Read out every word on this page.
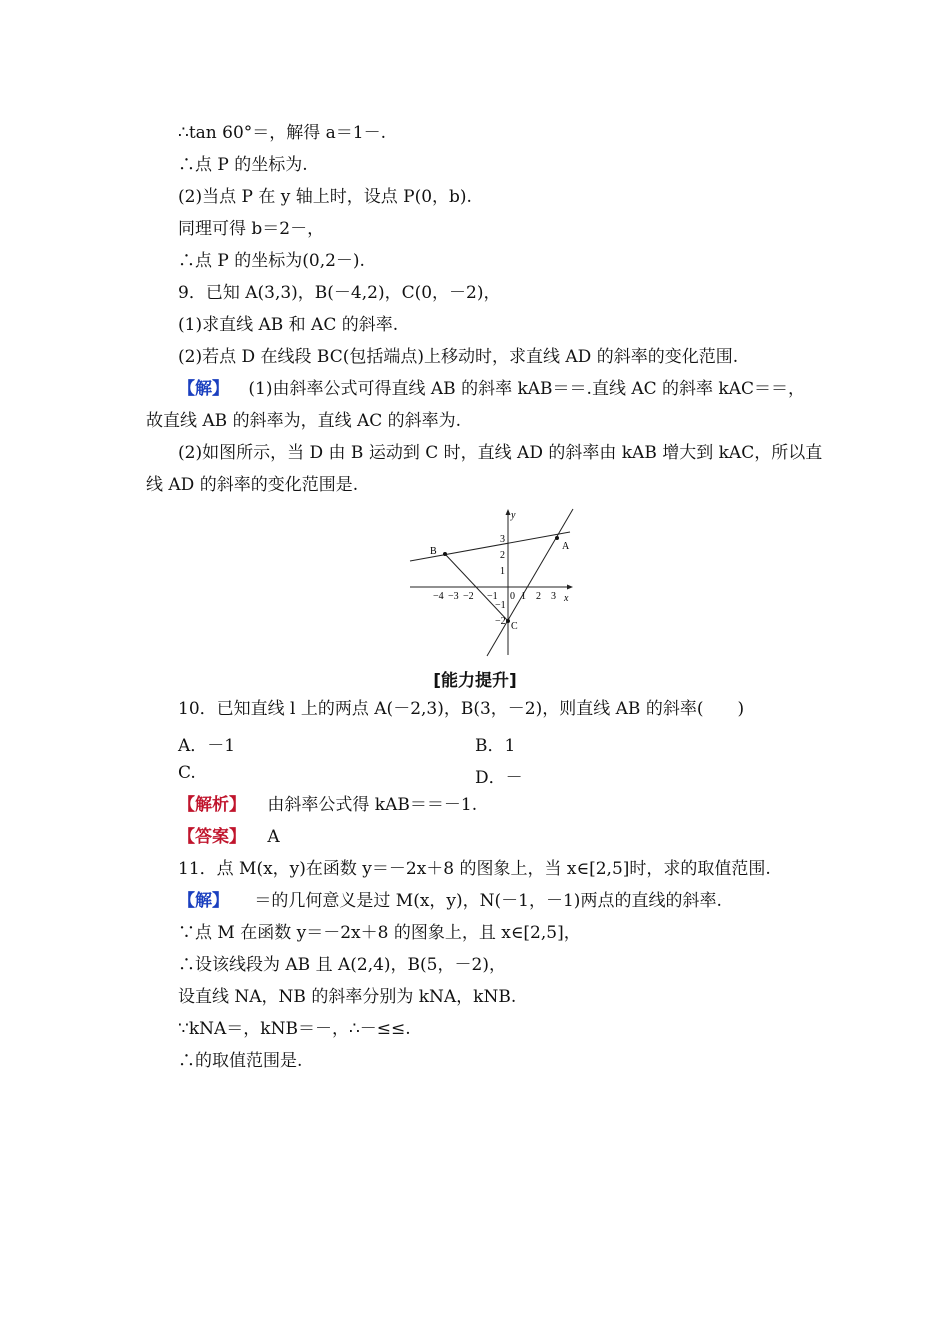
∴tan 60°＝，解得 a＝1－.
∴点 P 的坐标为.
(2)当点 P 在 y 轴上时，设点 P(0，b).
同理可得 b＝2－，
∴点 P 的坐标为(0,2－).
9．已知 A(3,3)，B(－4,2)，C(0，－2)，
(1)求直线 AB 和 AC 的斜率.
(2)若点 D 在线段 BC(包括端点)上移动时，求直线 AD 的斜率的变化范围.
【解】 (1)由斜率公式可得直线 AB 的斜率 kAB＝＝.直线 AC 的斜率 kAC＝＝，
故直线 AB 的斜率为，直线 AC 的斜率为.
(2)如图所示，当 D 由 B 运动到 C 时，直线 AD 的斜率由 kAB 增大到 kAC，所以直
线 AD 的斜率的变化范围是.
A
B
C
x
y
0
−4 −3 −2 −1 1 2 3
3
2
1
−1
−2
[能力提升]
10．已知直线 l 上的两点 A(－2,3)，B(3，－2)，则直线 AB 的斜率(　　)
A．－1	B．1
C.	D．－
【解析】 由斜率公式得 kAB＝＝－1.
【答案】 A
11．点 M(x，y)在函数 y＝－2x＋8 的图象上，当 x∈[2,5]时，求的取值范围.
【解】 ＝的几何意义是过 M(x，y)，N(－1，－1)两点的直线的斜率.
∵点 M 在函数 y＝－2x＋8 的图象上，且 x∈[2,5]，
∴设该线段为 AB 且 A(2,4)，B(5，－2)，
设直线 NA，NB 的斜率分别为 kNA，kNB.
∵kNA＝，kNB＝－，∴－≤≤.
∴的取值范围是.
